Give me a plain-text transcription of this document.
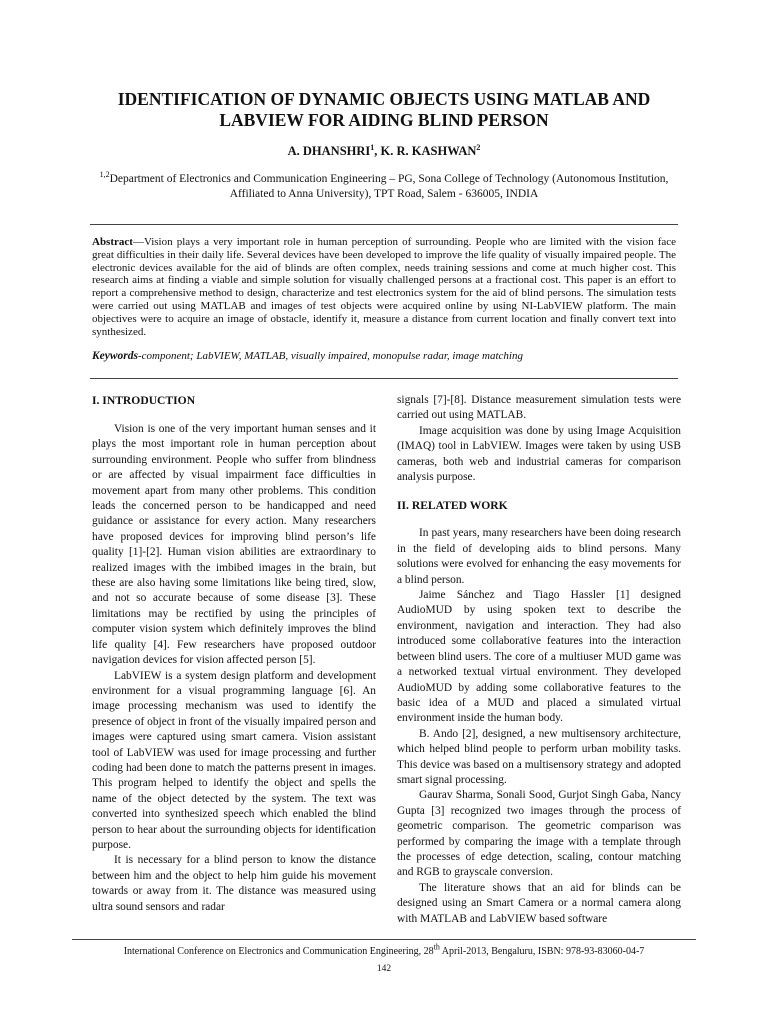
IDENTIFICATION OF DYNAMIC OBJECTS USING MATLAB AND
LABVIEW FOR AIDING BLIND PERSON
A. DHANSHRI$^1$, K. R. KASHWAN$^2$
$^{1,2}$Department of Electronics and Communication Engineering – PG, Sona College of Technology (Autonomous Institution,
Affiliated to Anna University), TPT Road, Salem - 636005, INDIA

Abstract—Vision plays a very important role in human perception of surrounding. People who are limited with the vision face great difficulties in their daily life. Several devices have been developed to improve the life quality of visually impaired people. The electronic devices available for the aid of blinds are often complex, needs training sessions and come at much higher cost. This research aims at finding a viable and simple solution for visually challenged persons at a fractional cost. This paper is an effort to report a comprehensive method to design, characterize and test electronics system for the aid of blind persons. The simulation tests were carried out using MATLAB and images of test objects were acquired online by using NI-LabVIEW platform. The main objectives were to acquire an image of obstacle, identify it, measure a distance from current location and finally convert text into synthesized.

Keywords-component; LabVIEW, MATLAB, visually impaired, monopulse radar, image matching

I. INTRODUCTION

Vision is one of the very important human senses and it plays the most important role in human perception about surrounding environment. People who suffer from blindness or are affected by visual impairment face difficulties in movement apart from many other problems. This condition leads the concerned person to be handicapped and need guidance or assistance for every action. Many researchers have proposed devices for improving blind person’s life quality [1]-[2]. Human vision abilities are extraordinary to realized images with the imbibed images in the brain, but these are also having some limitations like being tired, slow, and not so accurate because of some disease [3]. These limitations may be rectified by using the principles of computer vision system which definitely improves the blind life quality [4]. Few researchers have proposed outdoor navigation devices for vision affected person [5].

LabVIEW is a system design platform and development environment for a visual programming language [6]. An image processing mechanism was used to identify the presence of object in front of the visually impaired person and images were captured using smart camera. Vision assistant tool of LabVIEW was used for image processing and further coding had been done to match the patterns present in images. This program helped to identify the object and spells the name of the object detected by the system. The text was converted into synthesized speech which enabled the blind person to hear about the surrounding objects for identification purpose.

It is necessary for a blind person to know the distance between him and the object to help him guide his movement towards or away from it. The distance was measured using ultra sound sensors and radar

signals [7]-[8]. Distance measurement simulation tests were carried out using MATLAB.

Image acquisition was done by using Image Acquisition (IMAQ) tool in LabVIEW. Images were taken by using USB cameras, both web and industrial cameras for comparison analysis purpose.

II. RELATED WORK

In past years, many researchers have been doing research in the field of developing aids to blind persons. Many solutions were evolved for enhancing the easy movements for a blind person.

Jaime Sánchez and Tiago Hassler [1] designed AudioMUD by using spoken text to describe the environment, navigation and interaction. They had also introduced some collaborative features into the interaction between blind users. The core of a multiuser MUD game was a networked textual virtual environment. They developed AudioMUD by adding some collaborative features to the basic idea of a MUD and placed a simulated virtual environment inside the human body.

B. Ando [2], designed, a new multisensory architecture, which helped blind people to perform urban mobility tasks. This device was based on a multisensory strategy and adopted smart signal processing.

Gaurav Sharma, Sonali Sood, Gurjot Singh Gaba, Nancy Gupta [3] recognized two images through the process of geometric comparison. The geometric comparison was performed by comparing the image with a template through the processes of edge detection, scaling, contour matching and RGB to grayscale conversion.

The literature shows that an aid for blinds can be designed using an Smart Camera or a normal camera along with MATLAB and LabVIEW based software

International Conference on Electronics and Communication Engineering, 28th April-2013, Bengaluru, ISBN: 978-93-83060-04-7
142
